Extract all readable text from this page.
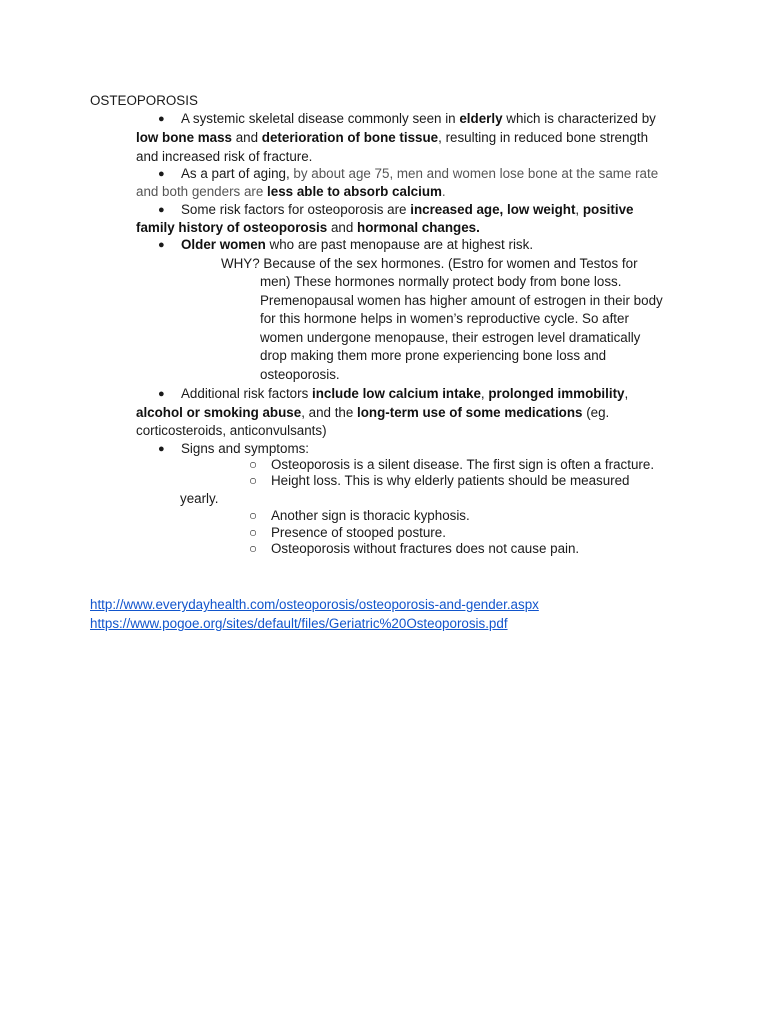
OSTEOPOROSIS
● A systemic skeletal disease commonly seen in elderly which is characterized by
low bone mass and deterioration of bone tissue, resulting in reduced bone strength
and increased risk of fracture.
● As a part of aging, by about age 75, men and women lose bone at the same rate
and both genders are less able to absorb calcium.
● Some risk factors for osteoporosis are increased age, low weight, positive
family history of osteoporosis and hormonal changes.
● Older women who are past menopause are at highest risk.
WHY? Because of the sex hormones. (Estro for women and Testos for
men) These hormones normally protect body from bone loss.
Premenopausal women has higher amount of estrogen in their body
for this hormone helps in women’s reproductive cycle. So after
women undergone menopause, their estrogen level dramatically
drop making them more prone experiencing bone loss and
osteoporosis.
● Additional risk factors include low calcium intake, prolonged immobility,
alcohol or smoking abuse, and the long-term use of some medications (eg.
corticosteroids, anticonvulsants)
● Signs and symptoms:
○ Osteoporosis is a silent disease. The first sign is often a fracture.
○ Height loss. This is why elderly patients should be measured
yearly.
○ Another sign is thoracic kyphosis.
○ Presence of stooped posture.
○ Osteoporosis without fractures does not cause pain.
http://www.everydayhealth.com/osteoporosis/osteoporosis-and-gender.aspx
https://www.pogoe.org/sites/default/files/Geriatric%20Osteoporosis.pdf
